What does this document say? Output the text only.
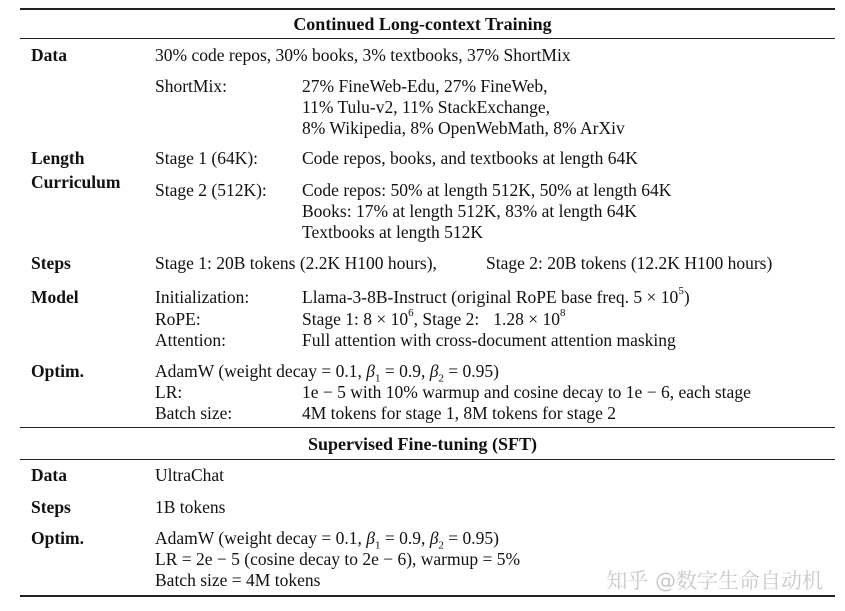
Continued Long-context Training
Data	30% code repos, 30% books, 3% textbooks, 37% ShortMix
ShortMix:	27% FineWeb-Edu, 27% FineWeb,
11% Tulu-v2, 11% StackExchange,
8% Wikipedia, 8% OpenWebMath, 8% ArXiv
Length
Curriculum
Stage 1 (64K):	Code repos, books, and textbooks at length 64K
Stage 2 (512K): Code repos: 50% at length 512K, 50% at length 64K
Books: 17% at length 512K, 83% at length 64K
Textbooks at length 512K
Steps	Stage 1: 20B tokens (2.2K H100 hours),	Stage 2: 20B tokens (12.2K H100 hours)
Model	Initialization:	Llama-3-8B-Instruct (original RoPE base freq. $5 \times 10^5$)
RoPE:	Stage 1: $8 \times 10^6$, Stage 2: $1.28 \times 10^8$
Attention:	Full attention with cross-document attention masking
Optim.	AdamW (weight decay = 0.1, $\beta_1 = 0.9$, $\beta_2 = 0.95$)
LR:	1e − 5 with 10% warmup and cosine decay to 1e − 6, each stage
Batch size:	4M tokens for stage 1, 8M tokens for stage 2
Supervised Fine-tuning (SFT)
Data	UltraChat
Steps	1B tokens
Optim.	AdamW (weight decay = 0.1, $\beta_1 = 0.9$, $\beta_2 = 0.95$)
LR = 2e − 5 (cosine decay to 2e − 6), warmup = 5%
Batch size = 4M tokens	知乎 @数字生命自动机
